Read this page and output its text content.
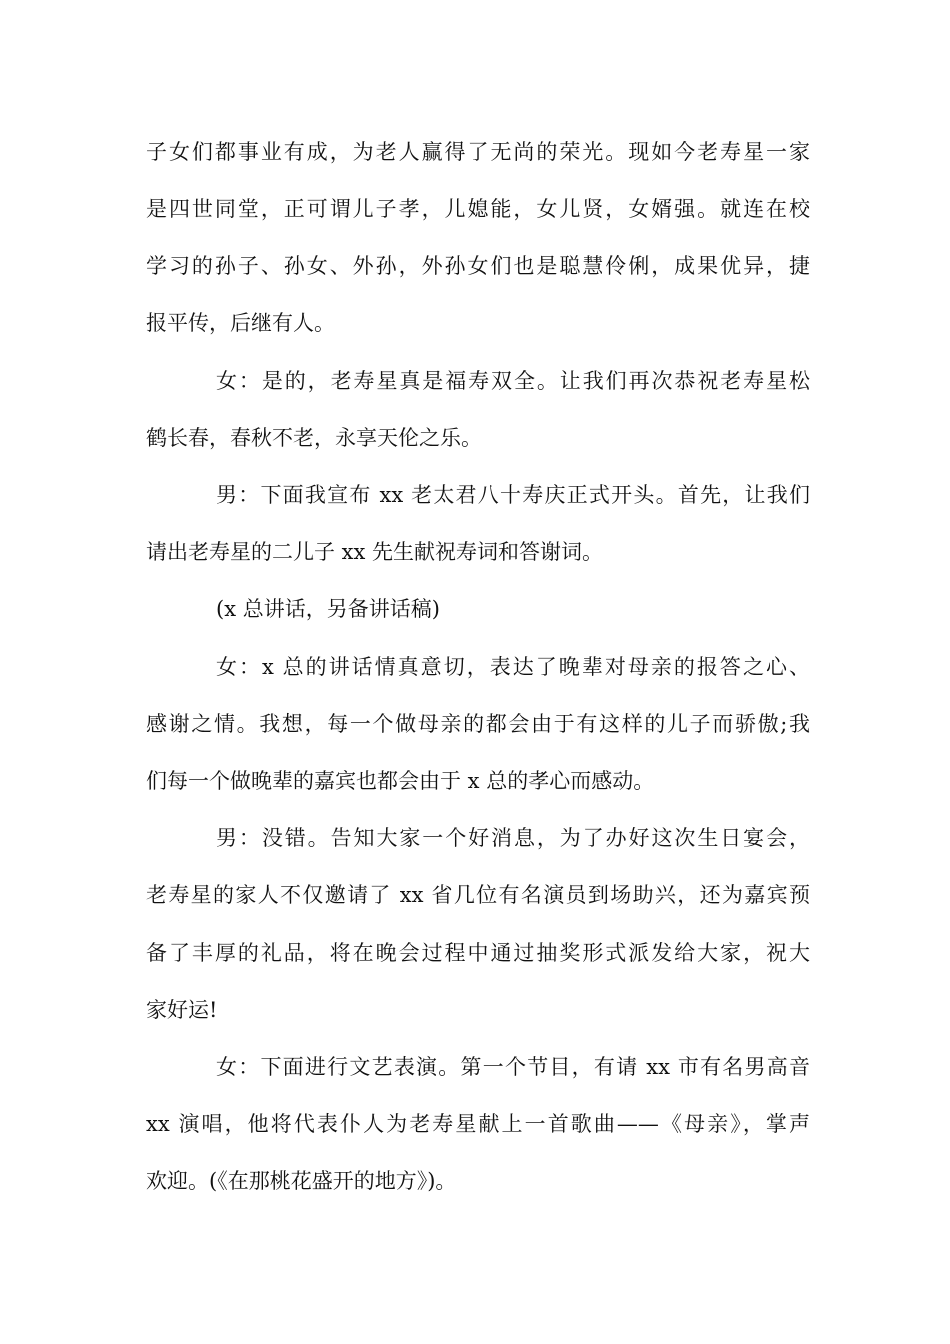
子女们都事业有成，为老人赢得了无尚的荣光。现如今老寿星一家
是四世同堂，正可谓儿子孝，儿媳能，女儿贤，女婿强。就连在校
学习的孙子、孙女、外孙，外孙女们也是聪慧伶俐，成果优异，捷
报平传，后继有人。
女：是的，老寿星真是福寿双全。让我们再次恭祝老寿星松
鹤长春，春秋不老，永享天伦之乐。
男：下面我宣布 xx 老太君八十寿庆正式开头。首先，让我们
请出老寿星的二儿子 xx 先生献祝寿词和答谢词。
(x 总讲话，另备讲话稿)
女：x 总的讲话情真意切，表达了晚辈对母亲的报答之心、
感谢之情。我想，每一个做母亲的都会由于有这样的儿子而骄傲;我
们每一个做晚辈的嘉宾也都会由于 x 总的孝心而感动。
男：没错。告知大家一个好消息，为了办好这次生日宴会，
老寿星的家人不仅邀请了 xx 省几位有名演员到场助兴，还为嘉宾预
备了丰厚的礼品，将在晚会过程中通过抽奖形式派发给大家，祝大
家好运!
女：下面进行文艺表演。第一个节目，有请 xx 市有名男高音
xx 演唱，他将代表仆人为老寿星献上一首歌曲——《母亲》，掌声
欢迎。(《在那桃花盛开的地方》)。
